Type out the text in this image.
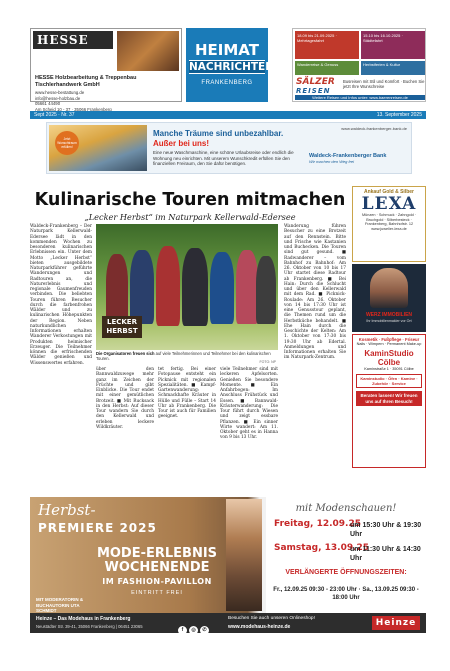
HESSE
HESSE Holzbearbeitung & Treppenbau Tischlerhandwerk GmbH
www.hesse-bestattung.de
info@hesse-holzbau.de
05661 44490
Am Scheid 10 - 37 · 35066 Frankenberg
HEIMAT
NACHRICHTEN
FRANKENBERG
18.09 bis 21.09.2025 · Mehrtagesfahrt
15.10 bis 16.10.2025 · Städtefahrt
Wanderreise & Genuss	Herbstferien & Kultur
SÄLZER
REISEN
Busreisen mit Stil und Komfort · Buchen Sie jetzt Ihre Wunschreise
Weitere Reisen und Infos unter: www.baerenreisen.de
Sept 2025 · Nr. 37	13. September 2025
Jetzt Wunschtraum erfüllen!
Manche Träume sind unbezahlbar.
Außer bei uns!
Eine neue Waschmaschine, eine schöne Urlaubsreise oder endlich die Wohnung neu einrichten. Mit unserem Wunschkredit erfüllen Sie den finanziellen Freiraum, den Sie dafür benötigen.
www.waldeck-frankenberger-bank.de
Waldeck-Frankenberger Bank
Wir machen den Weg frei
Kulinarische Touren mitmachen
„Lecker Herbst“ im Naturpark Kellerwald-Edersee
Waldeck-Frankenberg – Der Naturpark Kellerwald-Edersee lädt in den kommenden Wochen zu besonderen kulinarischen Erlebnissen ein. Unter dem Motto „Lecker Herbst“ bieten ausgebildete Naturparkführer geführte Wanderungen und Radtouren an, die Naturerlebnis und regionale Gaumenfreuden verbinden. Die beliebten Touren führen Besucher durch die farbenfrohen Wälder und zu kulinarischen Höhepunkten der Region. Neben naturkundlichen Informationen erhalten Wanderer Verkostungen mit Produkten heimischer Erzeuger. Die Teilnehmer können die erfrischenden Wälder genießen und Wissenswertes erfahren.
LECKER HERBST
Die Organisatoren freuen sich auf viele Teilnehmerinnen und Teilnehmer bei den kulinarischen Touren.
FOTO: NP
über den Bannwaldzuwege mehr ganz im Zeichen der Früchte und gibt Einblicke. Die Tour endet mit einer gemütlichen Brotzeit. ■ Mit Rucksack in den Herbst: Auf dieser Tour wandern Sie durch den Kellerwald und erleben leckere Wildkräuter.
tet fertig. Bei einer Fotopause entsteht ein Picknick mit regionalen Spezialitäten. ■ Kampf-Gartenwanderung: Schmackhafte Kräuter in Hülle und Fülle – Start 14 Uhr ab Frankenberg. Die Tour ist auch für Familien geeignet.
viele Teilnehmer sind mit leckeren Apfelsorten. Genießen Sie besondere Momente. ■ Ein Anfahrbogen: Im Anschluss Frühstück und Essen. ■ Bannwald-Kräuterwanderung: Die Tour führt durch Wiesen und zeigt essbare Pflanzen. ■ Ein sinner Wirte wandert: Am 11. Oktober geht es in Hanna von 9 bis 13 Uhr.
Wanderung führen Besucher zu eine Brotzeit auf den Rennstein. Bitte und Frische wie Kastanien und Buchecken. Die Touren sind gut gesund. ■ Radwanderer – vom Bahnhof zu Bahnhof: Am 26. Oktober von 10 bis 17 Uhr startet diese Radtour ab Frankenberg. ■ Bei Hain: Durch die Schlucht und über den Kellerwald mit dem Rad. ■ Picknick-Roulade: Am 26. Oktober von 14 bis 17:30 Uhr ist eine Genusstour geplant, die Themen rund um die Herbstküche behandelt. ■ Ehe Hain durch die Geschichte der Kelten: Am 1. Oktober von 17:30 bis 19:30 Uhr ab Edertal. Anmeldungen und Informationen erhalten Sie im Naturpark-Zentrum.
Ankauf Gold & Silber
LEXA
Münzen · Schmuck · Zahngold · Bruchgold · Silberbesteck · Frankenberg, Bahnhofstr. 12
www.juwelier-lexa.de
WERZ IMMOBILIEN
Ihr Immobilienmakler vor Ort
Kosmetik · Fußpflege · Friseur
Nails · Wimpern · Permanent Make-up
KaminStudio Cölbe
Kaminstraße 1 · 35091 Cölbe
Kaminstudio · Öfen · Kamine · Zubehör · Service
Beraten lassen! Wir freuen uns auf Ihren Besuch!
Herbst-
PREMIERE 2025
MODE-ERLEBNIS WOCHENENDE
IM FASHION-PAVILLON
EINTRITT FREI
MIT MODERATORIN & BUCHAUTORIN UTA SCHMIDT
mit Modenschauen!
Freitag, 12.09.25
um 15:30 Uhr & 19:30 Uhr
Samstag, 13.09.25
um 11:30 Uhr & 14:30 Uhr
VERLÄNGERTE ÖFFNUNGSZEITEN:
Fr., 12.09.25 09:30 - 23:00 Uhr · Sa., 13.09.25 09:30 - 18:00 Uhr
Heinze – Das Modehaus in Frankenberg
Neustädter Str. 39-41, 35066 Frankenberg | 06451 23065
f ◎ ✆
Besuchen Sie auch unseren Onlineshop!
www.modehaus-heinze.de	Heinze
